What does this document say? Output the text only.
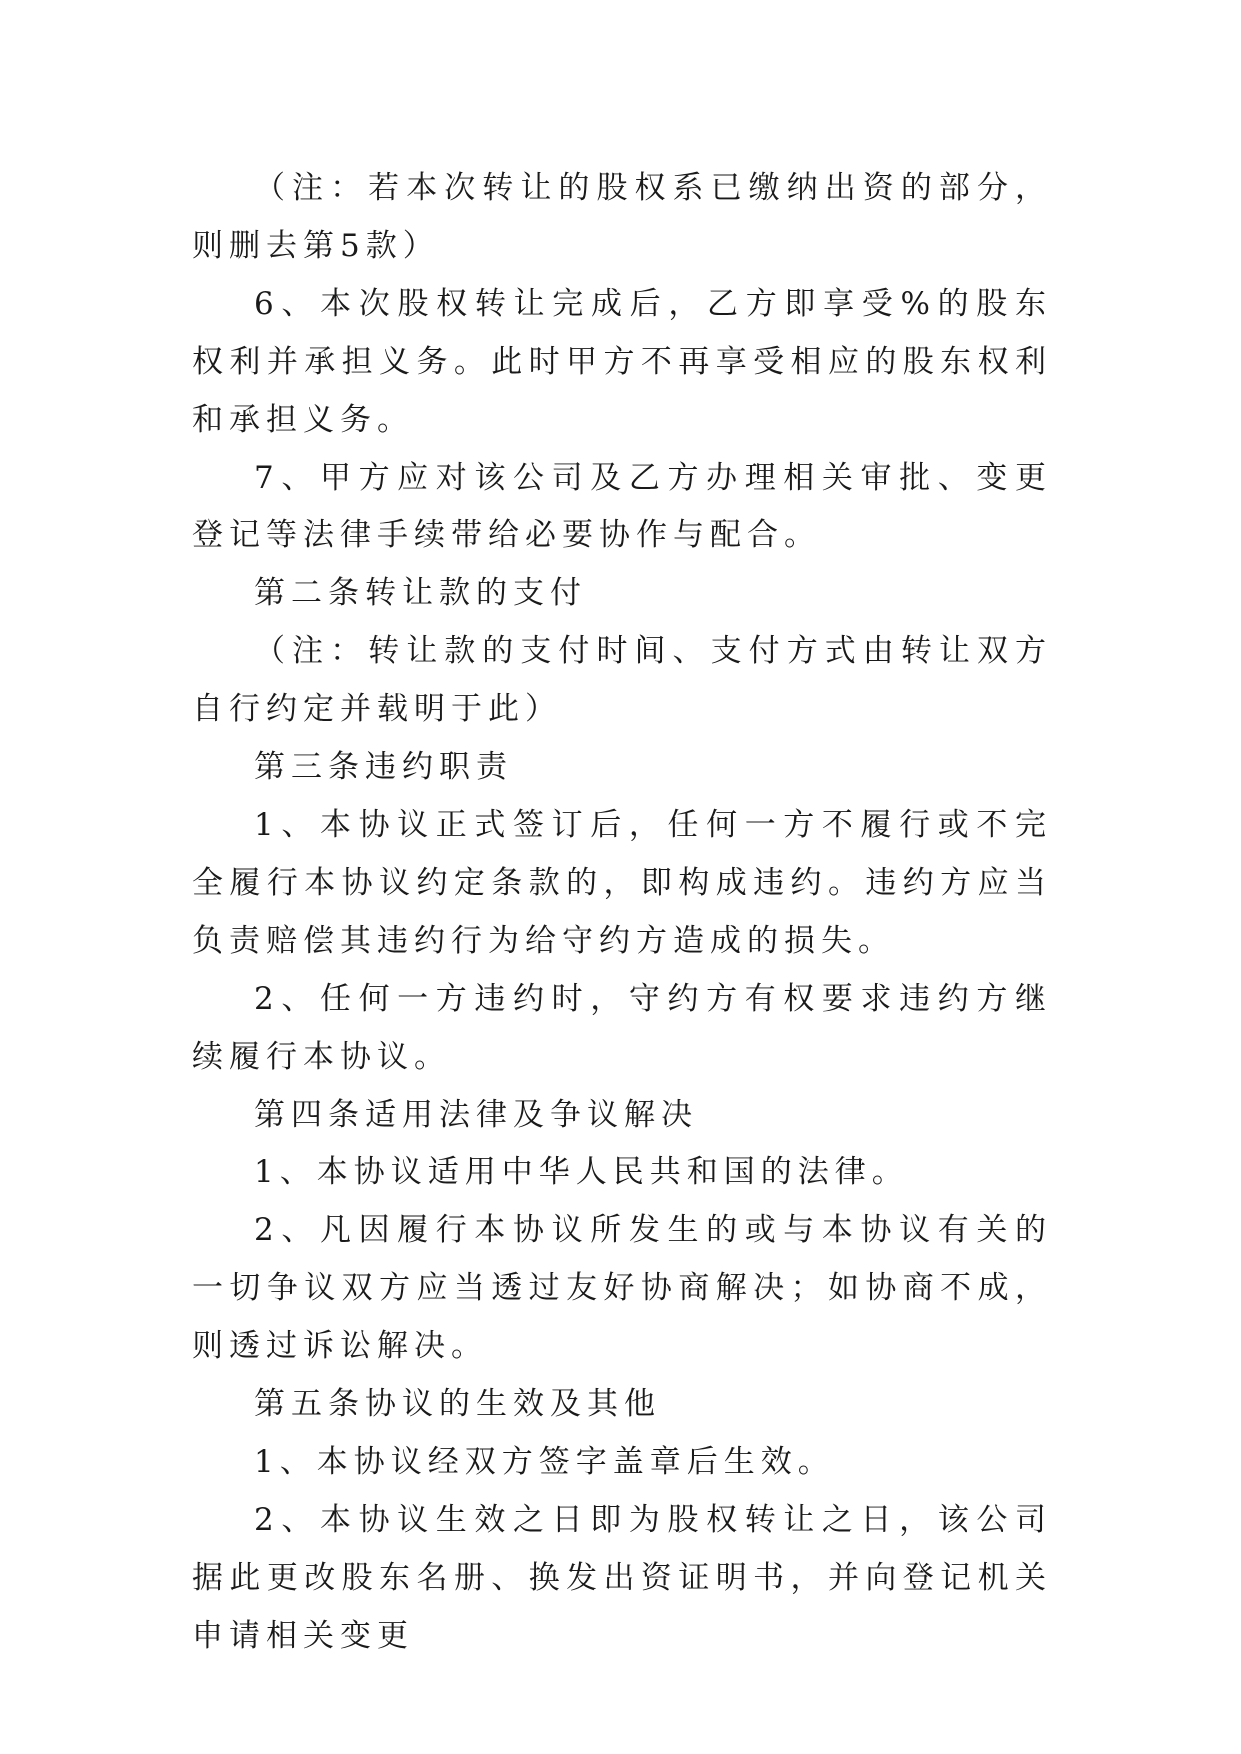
（注：若本次转让的股权系已缴纳出资的部分，则删去第5款）

6、本次股权转让完成后，乙方即享受%的股东权利并承担义务。此时甲方不再享受相应的股东权利和承担义务。

7、甲方应对该公司及乙方办理相关审批、变更登记等法律手续带给必要协作与配合。

第二条转让款的支付

（注：转让款的支付时间、支付方式由转让双方自行约定并载明于此）

第三条违约职责

1、本协议正式签订后，任何一方不履行或不完全履行本协议约定条款的，即构成违约。违约方应当负责赔偿其违约行为给守约方造成的损失。

2、任何一方违约时，守约方有权要求违约方继续履行本协议。

第四条适用法律及争议解决

1、本协议适用中华人民共和国的法律。

2、凡因履行本协议所发生的或与本协议有关的一切争议双方应当透过友好协商解决；如协商不成，则透过诉讼解决。

第五条协议的生效及其他

1、本协议经双方签字盖章后生效。

2、本协议生效之日即为股权转让之日，该公司据此更改股东名册、换发出资证明书，并向登记机关申请相关变更
